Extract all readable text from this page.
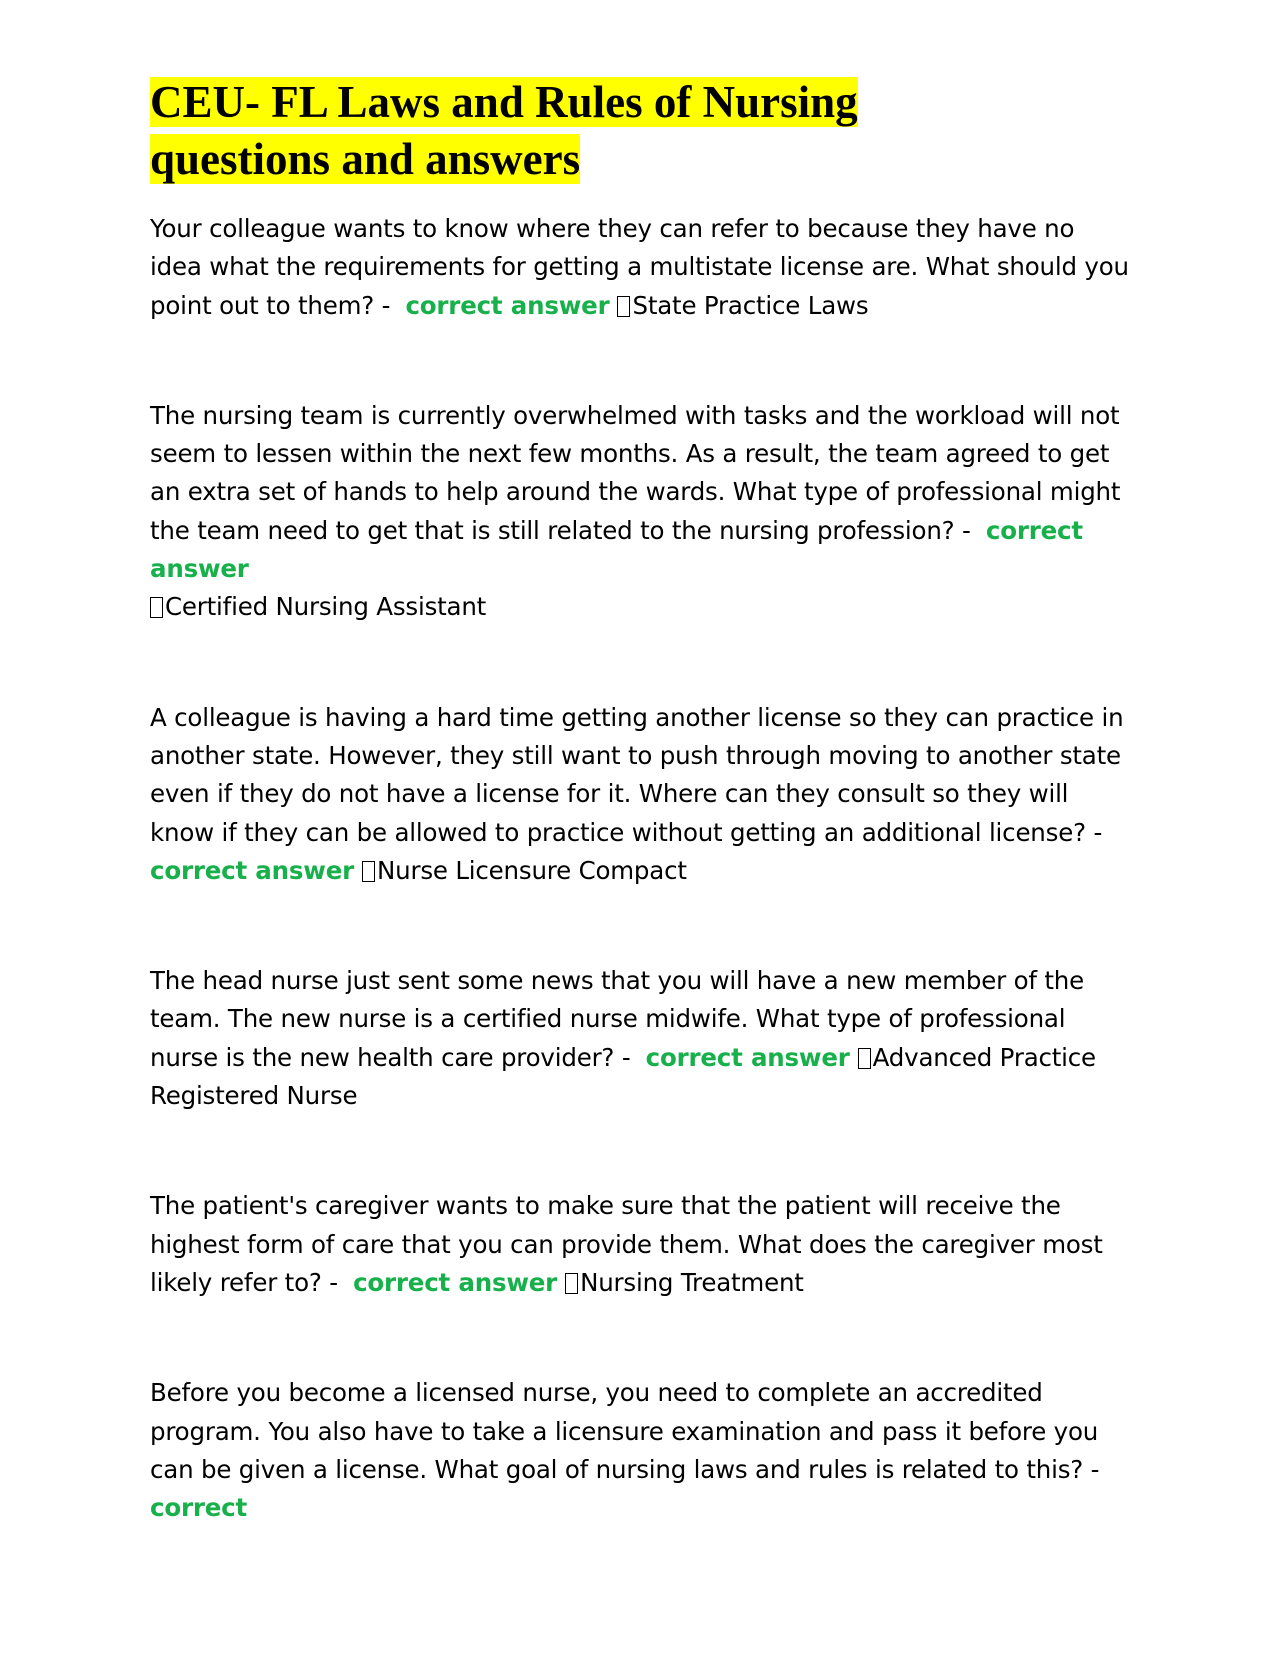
CEU- FL Laws and Rules of Nursing
questions and answers

Your colleague wants to know where they can refer to because they have no idea what the requirements for getting a multistate license are. What should you point out to them? - correct answer State Practice Laws

The nursing team is currently overwhelmed with tasks and the workload will not seem to lessen within the next few months. As a result, the team agreed to get an extra set of hands to help around the wards. What type of professional might the team need to get that is still related to the nursing profession? - correct answer
Certified Nursing Assistant

A colleague is having a hard time getting another license so they can practice in another state. However, they still want to push through moving to another state even if they do not have a license for it. Where can they consult so they will know if they can be allowed to practice without getting an additional license? -  correct answer Nurse Licensure Compact

The head nurse just sent some news that you will have a new member of the team. The new nurse is a certified nurse midwife. What type of professional nurse is the new health care provider? - correct answer Advanced Practice Registered Nurse

The patient's caregiver wants to make sure that the patient will receive the highest form of care that you can provide them. What does the caregiver most likely refer to? - correct answer Nursing Treatment

Before you become a licensed nurse, you need to complete an accredited program. You also have to take a licensure examination and pass it before you can be given a license. What goal of nursing laws and rules is related to this? -  correct
